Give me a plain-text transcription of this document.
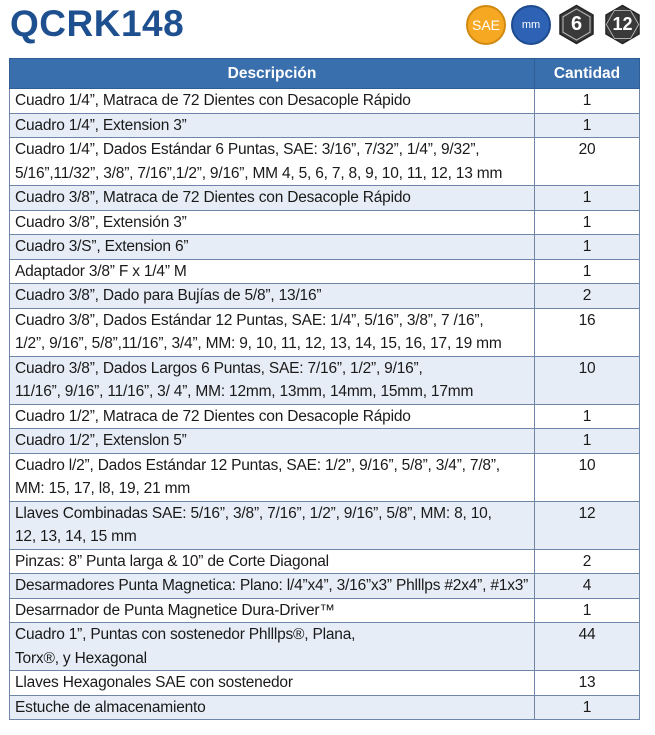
QCRK148	SAE mm 6 12
Descripción	Cantidad

Cuadro 1/4”, Matraca de 72 Dientes con Desacople Rápido	1

Cuadro 1/4”, Extension 3”	1

Cuadro 1/4”, Dados Estándar 6 Puntas, SAE: 3/16”, 7/32”, 1/4”, 9/32”,
5/16”,11/32”, 3/8”, 7/16”,1/2”, 9/16”, MM 4, 5, 6, 7, 8, 9, 10, 11, 12, 13 mm	20

Cuadro 3/8”, Matraca de 72 Dientes con Desacople Rápido	1

Cuadro 3/8”, Extensión 3”	1

Cuadro 3/S”, Extension 6”	1

Adaptador 3/8” F x 1/4” M	1

Cuadro 3/8”, Dado para Bujías de 5/8”, 13/16”	2

Cuadro 3/8”, Dados Estándar 12 Puntas, SAE: 1/4”, 5/16”, 3/8”, 7 /16”,
1/2”, 9/16”, 5/8”,11/16”, 3/4”, MM: 9, 10, 11, 12, 13, 14, 15, 16, 17, 19 mm	16

Cuadro 3/8”, Dados Largos 6 Puntas, SAE: 7/16”, 1/2”, 9/16”,
11/16”, 9/16”, 11/16”, 3/ 4”, MM: 12mm, 13mm, 14mm, 15mm, 17mm	10

Cuadro 1/2”, Matraca de 72 Dientes con Desacople Rápido	1

Cuadro 1/2”, Extenslon 5”	1

Cuadro l/2”, Dados Estándar 12 Puntas, SAE: 1/2”, 9/16”, 5/8”, 3/4”, 7/8”,
MM: 15, 17, l8, 19, 21 mm	10

Llaves Combinadas SAE: 5/16”, 3/8”, 7/16”, 1/2”, 9/16”, 5/8”, MM: 8, 10,
12, 13, 14, 15 mm	12

Pinzas: 8” Punta larga & 10” de Corte Diagonal	2

Desarmadores Punta Magnetica: Plano: l/4”x4”, 3/16”x3” Phlllps #2x4”, #1x3”	4

Desarrnador de Punta Magnetice Dura-Driver™	1

Cuadro 1”, Puntas con sostenedor Phlllps®, Plana,
Torx®, y Hexagonal	44

Llaves Hexagonales SAE con sostenedor	13

Estuche de almacenamiento	1
